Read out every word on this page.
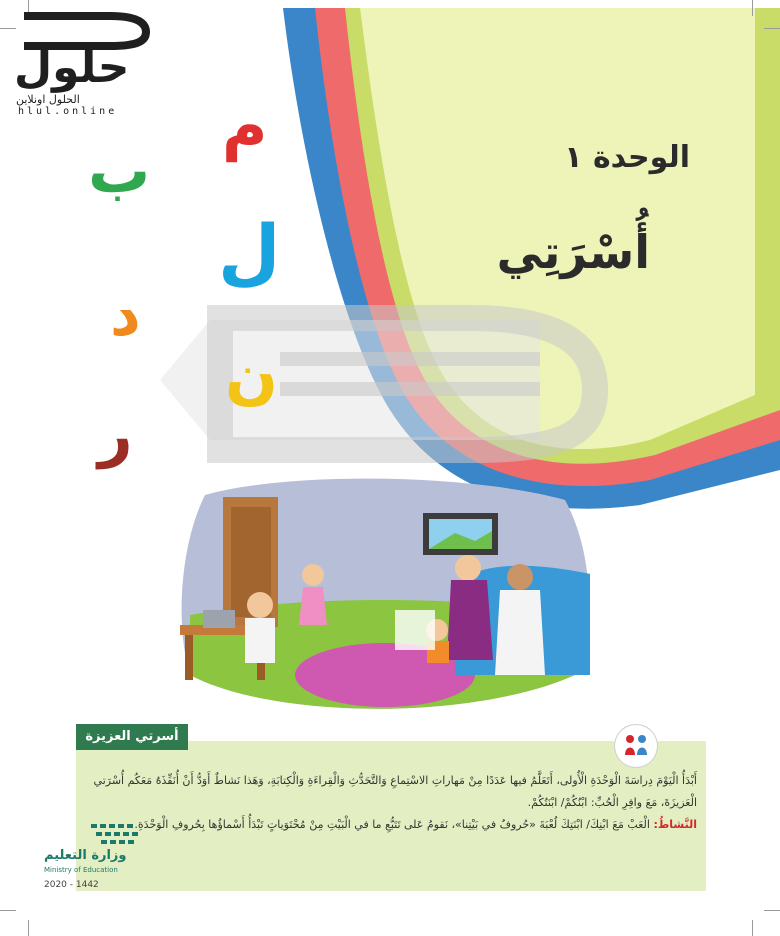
حلول
الحلول اونلاين
hlul.online م
ب
ل
د
ن
ر
الوحدة ١
أُسْرَتِي
أسرتي العزيزة
أَبْدَأُ الْيَوْمَ دِراسَةَ الْوَحْدَةِ الْأُولى، أَتَعَلَّمُ فيها عَدَدًا مِنْ مَهاراتِ الاسْتِماعِ وَالتَّحَدُّثِ وَالْقِراءَةِ وَالْكِتابَةِ، وَهَذا نَشاطٌ أَوَدُّ أَنْ أُنَفِّذَهُ مَعَكُم أُسْرَتي الْعَزيزَةَ، مَعَ وافِرِ الْحُبِّ: ابْنُكُمْ/ ابْنَتُكُمْ.
النَّشاطُ: الْعَبْ مَعَ ابْنِكَ/ ابْنَتِكَ لُعْبَةَ «حُروفٌ في بَيْتِنا»، نَقومُ عَلى تَتَبُّعِ ما في الْبَيْتِ مِنْ مُحْتَوَياتٍ تَبْدَأُ أَسْماؤُها بِحُروفِ الْوَحْدَةِ.
وزارة التعليم
Ministry of Education
2020 - 1442
